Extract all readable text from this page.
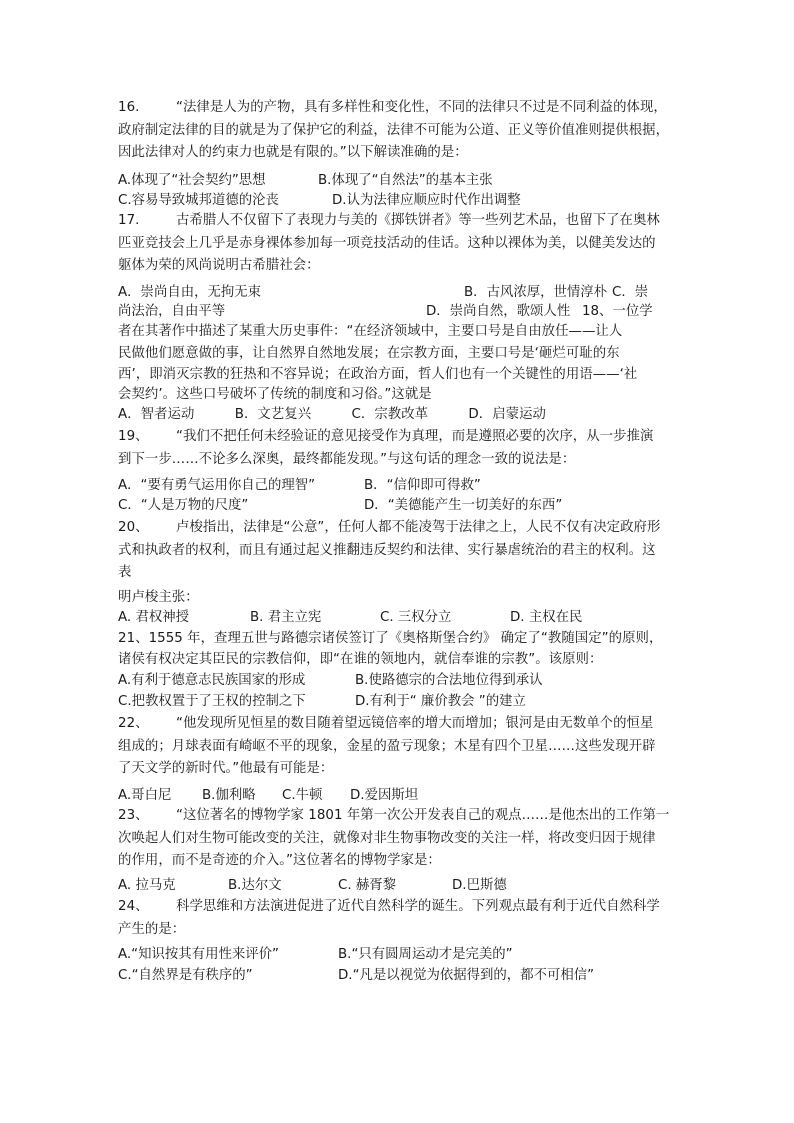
16.	“法律是人为的产物，具有多样性和变化性，不同的法律只不过是不同利益的体现，
政府制定法律的目的就是为了保护它的利益，法律不可能为公道、正义等价值准则提供根据，
因此法律对人的约束力也就是有限的。”以下解读准确的是：
A.体现了“社会契约”思想	B.体现了“自然法”的基本主张
C.容易导致城邦道德的沦丧	D.认为法律应顺应时代作出调整
17.	古希腊人不仅留下了表现力与美的《掷铁饼者》等一些列艺术品，也留下了在奥林
匹亚竞技会上几乎是赤身裸体参加每一项竞技活动的佳话。这种以裸体为美，以健美发达的
躯体为荣的风尚说明古希腊社会：
A．崇尚自由，无拘无束	B．古风浓厚，世情淳朴 C．崇
尚法治，自由平等	D．崇尚自然，歌颂人性 18、一位学
者在其著作中描述了某重大历史事件：“在经济领域中，主要口号是自由放任——让人
民做他们愿意做的事，让自然界自然地发展；在宗教方面，主要口号是‘砸烂可耻的东
西’，即消灭宗教的狂热和不容异说；在政治方面，哲人们也有一个关键性的用语——‘社
会契约’。这些口号破坏了传统的制度和习俗。”这就是
A．智者运动　　　B．文艺复兴　　　C．宗教改革　　　D．启蒙运动
19、 “我们不把任何未经验证的意见接受作为真理，而是遵照必要的次序，从一步推演
到下一步……不论多么深奥，最终都能发现。”与这句话的理念一致的说法是：
A．“要有勇气运用你自己的理智”	B．“信仰即可得救”
C．“人是万物的尺度”	D．“美德能产生一切美好的东西”
20、 卢梭指出，法律是“公意”，任何人都不能凌驾于法律之上，人民不仅有决定政府形
式和执政者的权利，而且有通过起义推翻违反契约和法律、实行暴虐统治的君主的权利。这
表
明卢梭主张：
A. 君权神授	B. 君主立宪	C. 三权分立	D. 主权在民
21、1555 年，查理五世与路德宗诸侯签订了《奥格斯堡合约》 确定了“教随国定”的原则，
诸侯有权决定其臣民的宗教信仰，即“在谁的领地内，就信奉谁的宗教”。该原则：
A.有利于德意志民族国家的形成	B.使路德宗的合法地位得到承认
C.把教权置于了王权的控制之下	D.有利于“ 廉价教会 ”的建立
22、 “他发现所见恒星的数目随着望远镜倍率的增大而增加；银河是由无数单个的恒星
组成的；月球表面有崎岖不平的现象，金星的盈亏现象；木星有四个卫星……这些发现开辟
了天文学的新时代。”他最有可能是：
A.哥白尼 B.伽利略 C.牛顿 D.爱因斯坦
23、 “这位著名的博物学家 1801 年第一次公开发表自己的观点……是他杰出的工作第一
次唤起人们对生物可能改变的关注，就像对非生物事物改变的关注一样，将改变归因于规律
的作用，而不是奇迹的介入。”这位著名的博物学家是：
A. 拉马克	B.达尔文	C. 赫胥黎	D.巴斯德
24、 科学思维和方法演进促进了近代自然科学的诞生。下列观点最有利于近代自然科学
产生的是：
A.“知识按其有用性来评价”	B.“只有圆周运动才是完美的”
C.“自然界是有秩序的”	D.“凡是以视觉为依据得到的，都不可相信”
